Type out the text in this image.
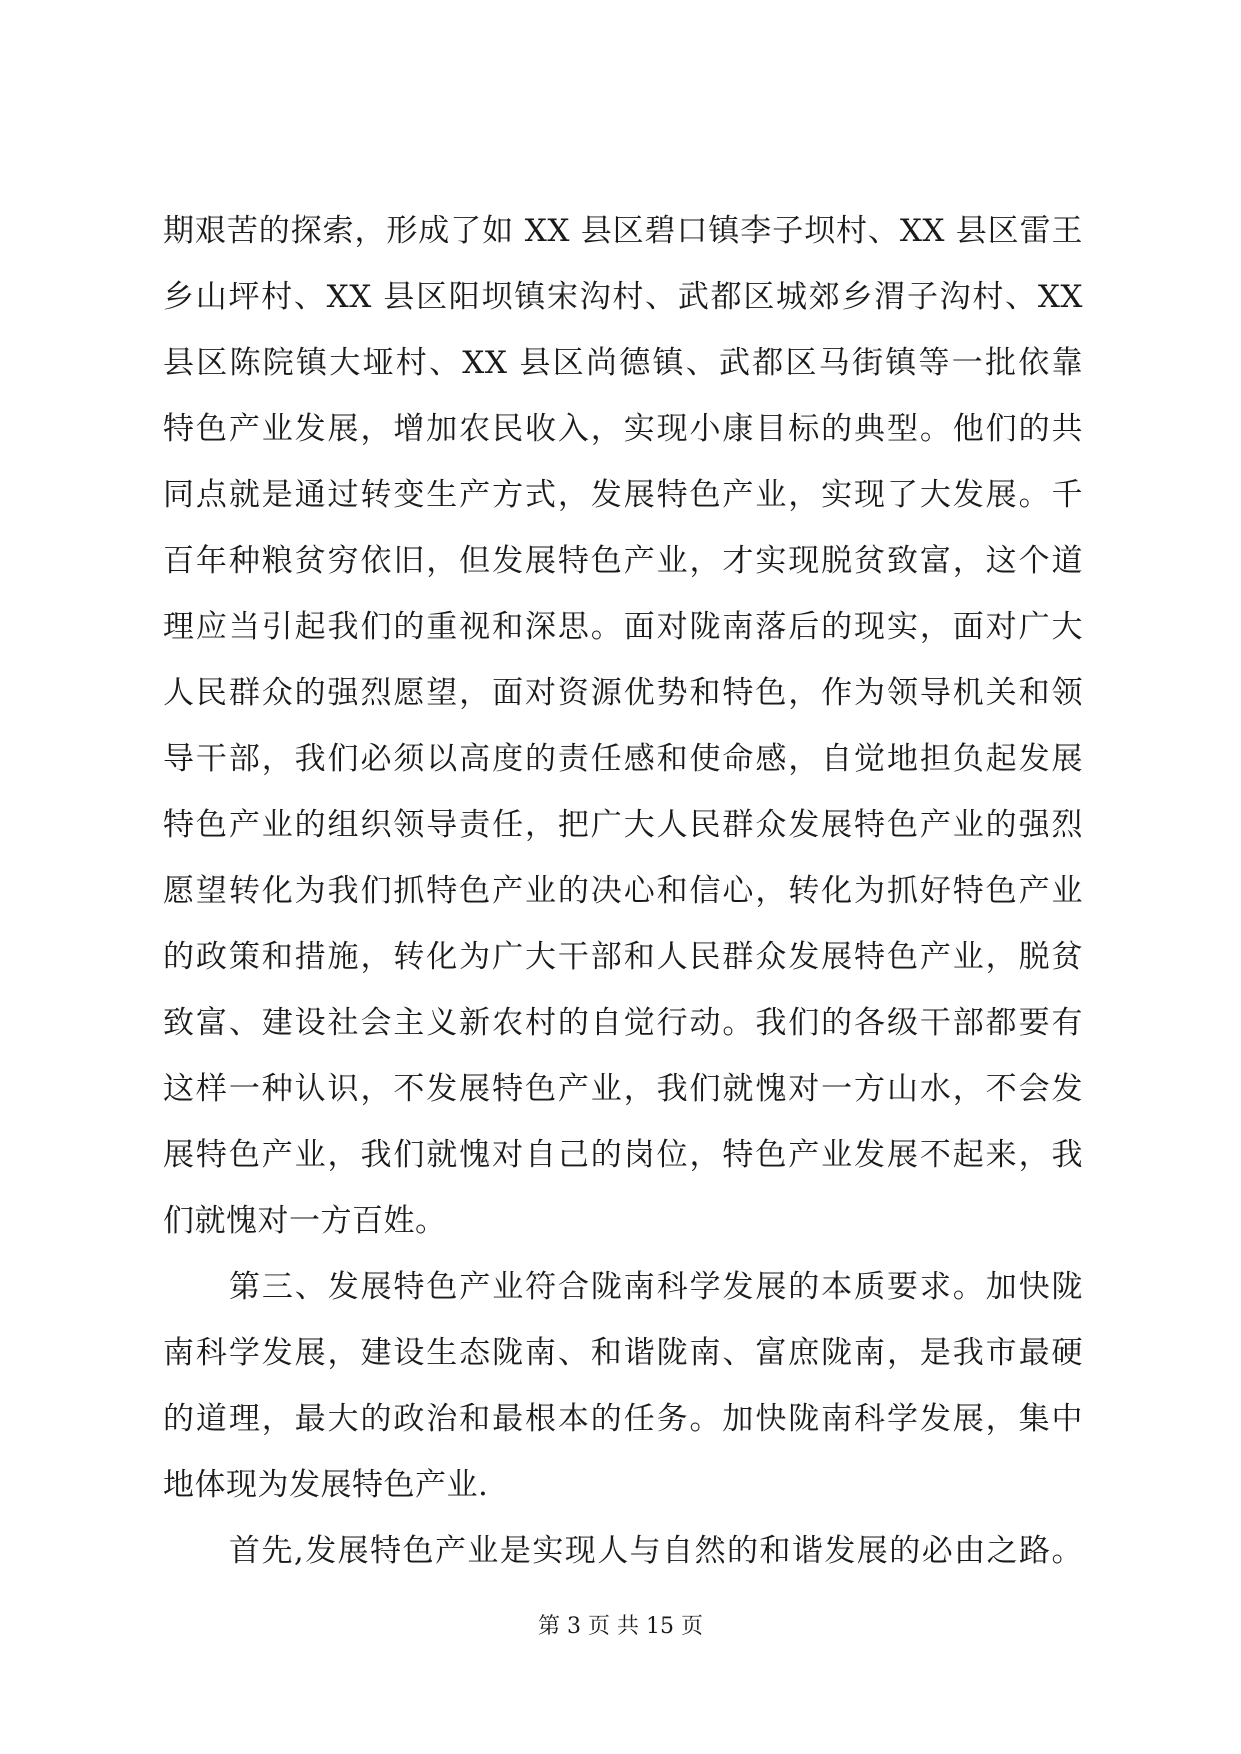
期艰苦的探索，形成了如 XX 县区碧口镇李子坝村、XX 县区雷王
乡山坪村、XX 县区阳坝镇宋沟村、武都区城郊乡渭子沟村、XX
县区陈院镇大垭村、XX 县区尚德镇、武都区马街镇等一批依靠
特色产业发展，增加农民收入，实现小康目标的典型。他们的共
同点就是通过转变生产方式，发展特色产业，实现了大发展。千
百年种粮贫穷依旧，但发展特色产业，才实现脱贫致富，这个道
理应当引起我们的重视和深思。面对陇南落后的现实，面对广大
人民群众的强烈愿望，面对资源优势和特色，作为领导机关和领
导干部，我们必须以高度的责任感和使命感，自觉地担负起发展
特色产业的组织领导责任，把广大人民群众发展特色产业的强烈
愿望转化为我们抓特色产业的决心和信心，转化为抓好特色产业
的政策和措施，转化为广大干部和人民群众发展特色产业，脱贫
致富、建设社会主义新农村的自觉行动。我们的各级干部都要有
这样一种认识，不发展特色产业，我们就愧对一方山水，不会发
展特色产业，我们就愧对自己的岗位，特色产业发展不起来，我
们就愧对一方百姓。
第三、发展特色产业符合陇南科学发展的本质要求。加快陇
南科学发展，建设生态陇南、和谐陇南、富庶陇南，是我市最硬
的道理，最大的政治和最根本的任务。加快陇南科学发展，集中
地体现为发展特色产业.
首先,发展特色产业是实现人与自然的和谐发展的必由之路。
第 3 页 共 15 页
